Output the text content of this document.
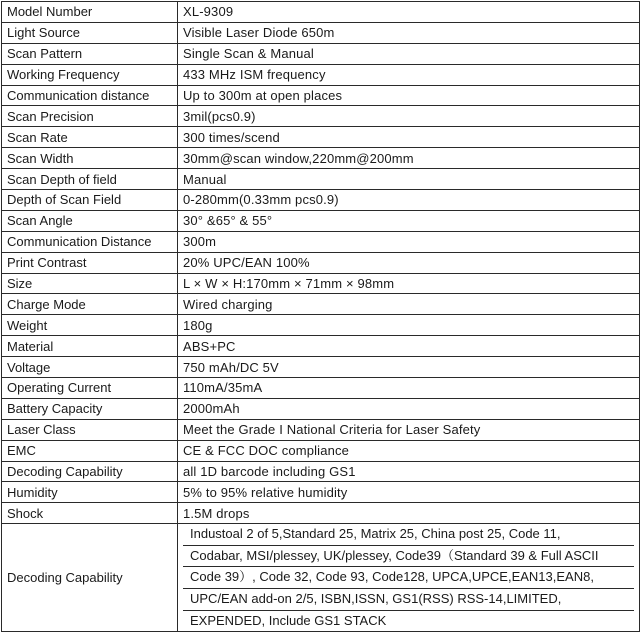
Model Number	XL-9309
Light Source	Visible Laser Diode 650m
Scan Pattern	Single Scan & Manual
Working Frequency	433 MHz ISM frequency
Communication distance	Up to 300m at open places
Scan Precision	3mil(pcs0.9)
Scan Rate	300 times/scend
Scan Width	30mm@scan window,220mm@200mm
Scan Depth of field	Manual
Depth of Scan Field	0-280mm(0.33mm pcs0.9)
Scan Angle	30° &65° & 55°
Communication Distance	300m
Print Contrast	20% UPC/EAN 100%
Size	L × W × H:170mm × 71mm × 98mm
Charge Mode	Wired charging
Weight	180g
Material	ABS+PC
Voltage	750 mAh/DC 5V
Operating Current	110mA/35mA
Battery Capacity	2000mAh
Laser Class	Meet the Grade I National Criteria for Laser Safety
EMC	CE & FCC DOC compliance
Decoding Capability	all 1D barcode including GS1
Humidity	5% to 95% relative humidity
Shock	1.5M drops
Decoding Capability	Industoal 2 of 5,Standard 25, Matrix 25, China post 25, Code 11,
Codabar, MSI/plessey, UK/plessey, Code39（Standard 39 & Full ASCII
Code 39）, Code 32, Code 93, Code128, UPCA,UPCE,EAN13,EAN8,
UPC/EAN add-on 2/5, ISBN,ISSN, GS1(RSS) RSS-14,LIMITED,
EXPENDED, Include GS1 STACK
